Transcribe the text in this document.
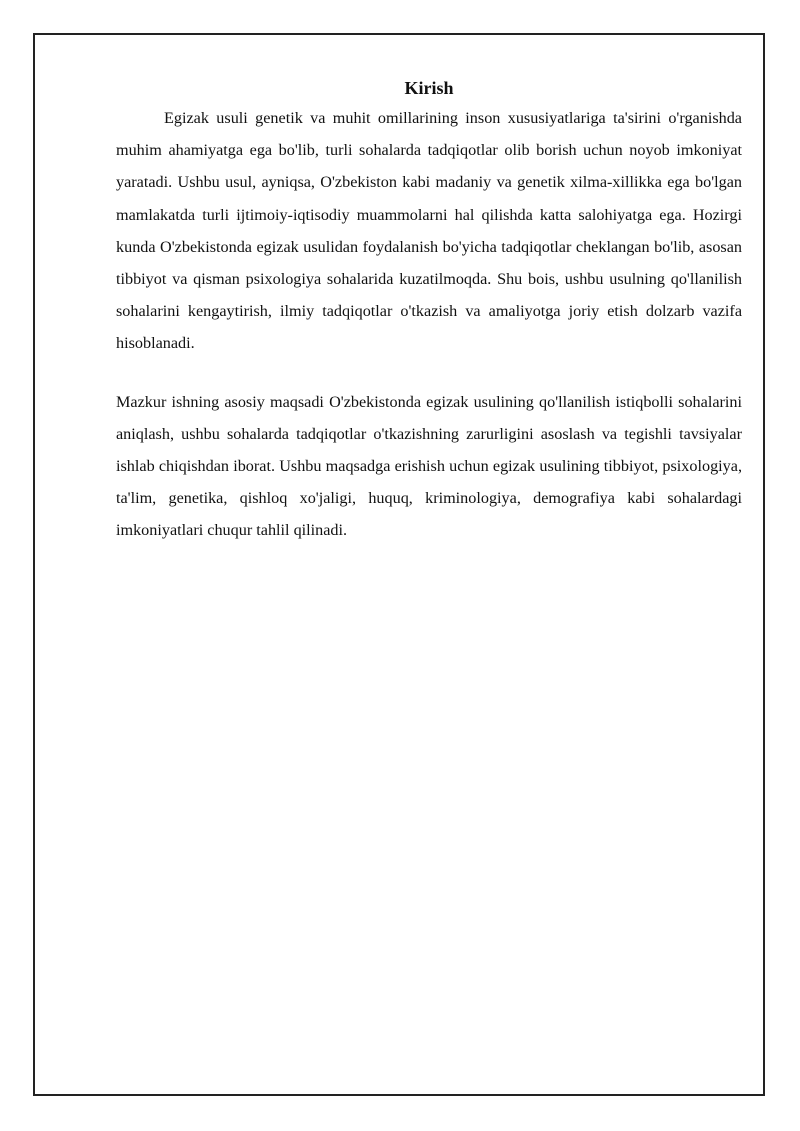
Kirish

Egizak usuli genetik va muhit omillarining inson xususiyatlariga ta'sirini o'rganishda muhim ahamiyatga ega bo'lib, turli sohalarda tadqiqotlar olib borish uchun noyob imkoniyat yaratadi. Ushbu usul, ayniqsa, O'zbekiston kabi madaniy va genetik xilma-xillikka ega bo'lgan mamlakatda turli ijtimoiy-iqtisodiy muammolarni hal qilishda katta salohiyatga ega. Hozirgi kunda O'zbekistonda egizak usulidan foydalanish bo'yicha tadqiqotlar cheklangan bo'lib, asosan tibbiyot va qisman psixologiya sohalarida kuzatilmoqda. Shu bois, ushbu usulning qo'llanilish sohalarini kengaytirish, ilmiy tadqiqotlar o'tkazish va amaliyotga joriy etish dolzarb vazifa hisoblanadi.

Mazkur ishning asosiy maqsadi O'zbekistonda egizak usulining qo'llanilish istiqbolli sohalarini aniqlash, ushbu sohalarda tadqiqotlar o'tkazishning zarurligini asoslash va tegishli tavsiyalar ishlab chiqishdan iborat. Ushbu maqsadga erishish uchun egizak usulining tibbiyot, psixologiya, ta'lim, genetika, qishloq xo'jaligi, huquq, kriminologiya, demografiya kabi sohalardagi imkoniyatlari chuqur tahlil qilinadi.
